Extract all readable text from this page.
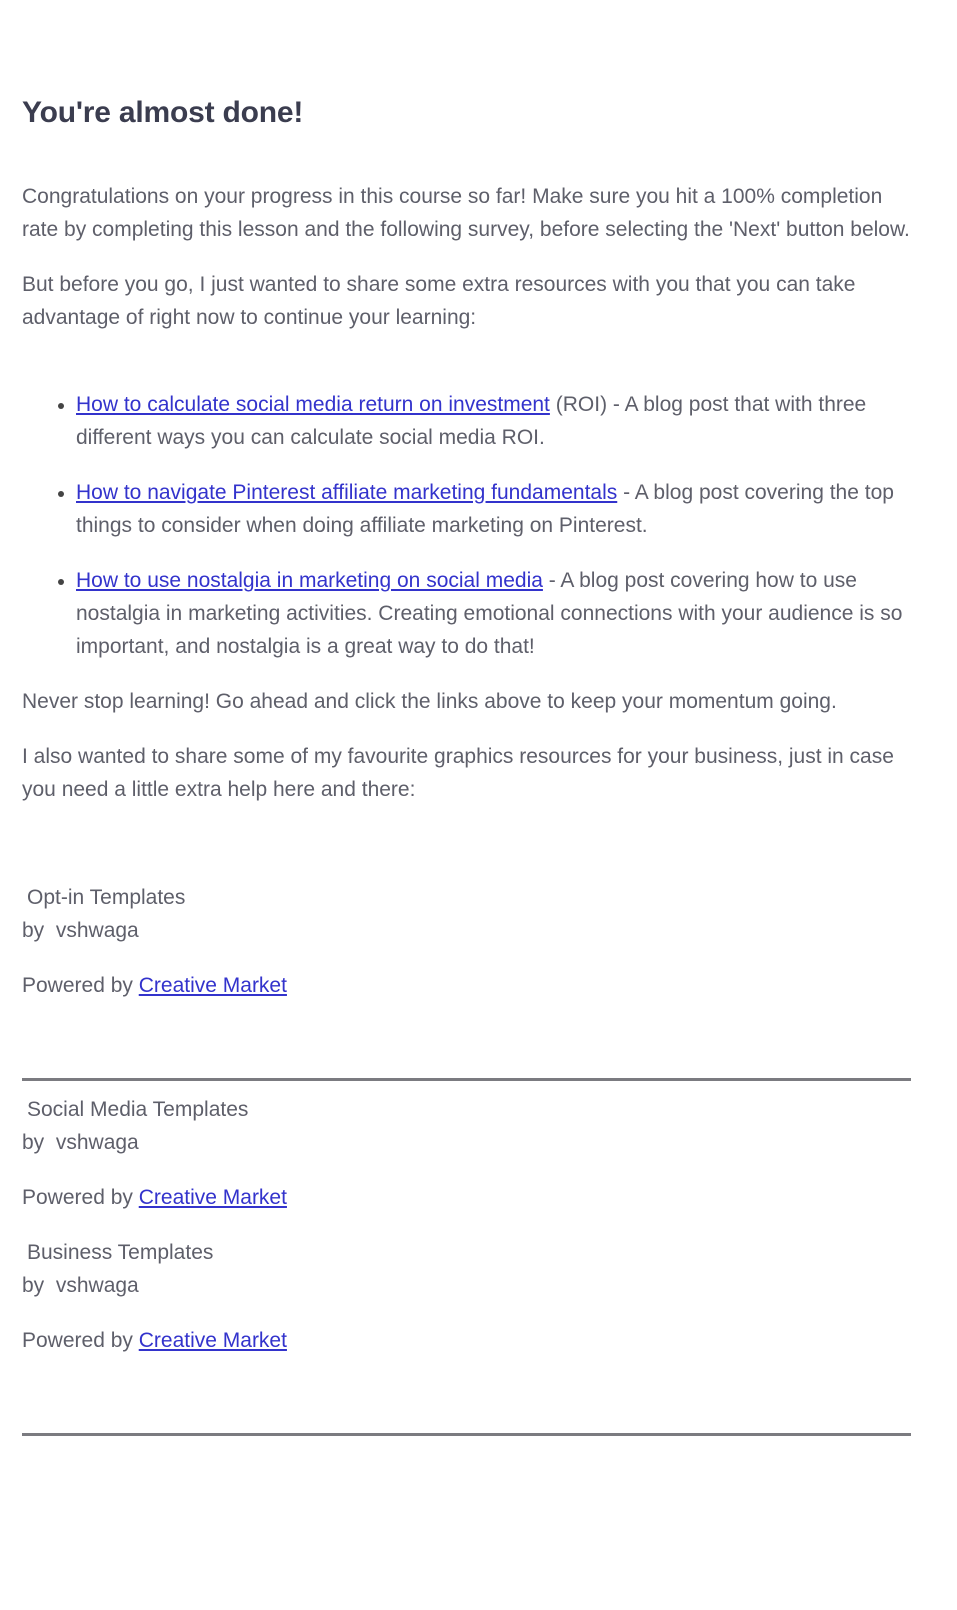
You're almost done!

Congratulations on your progress in this course so far! Make sure you hit a 100% completion rate by completing this lesson and the following survey, before selecting the 'Next' button below.

But before you go, I just wanted to share some extra resources with you that you can take advantage of right now to continue your learning:

How to calculate social media return on investment (ROI) - A blog post that with three different ways you can calculate social media ROI.
How to navigate Pinterest affiliate marketing fundamentals - A blog post covering the top things to consider when doing affiliate marketing on Pinterest.
How to use nostalgia in marketing on social media - A blog post covering how to use nostalgia in marketing activities. Creating emotional connections with your audience is so important, and nostalgia is a great way to do that!

Never stop learning! Go ahead and click the links above to keep your momentum going.

I also wanted to share some of my favourite graphics resources for your business, just in case you need a little extra help here and there:

Opt-in Templates
by  vshwaga

Powered by Creative Market

Social Media Templates
by  vshwaga

Powered by Creative Market

Business Templates
by  vshwaga

Powered by Creative Market
